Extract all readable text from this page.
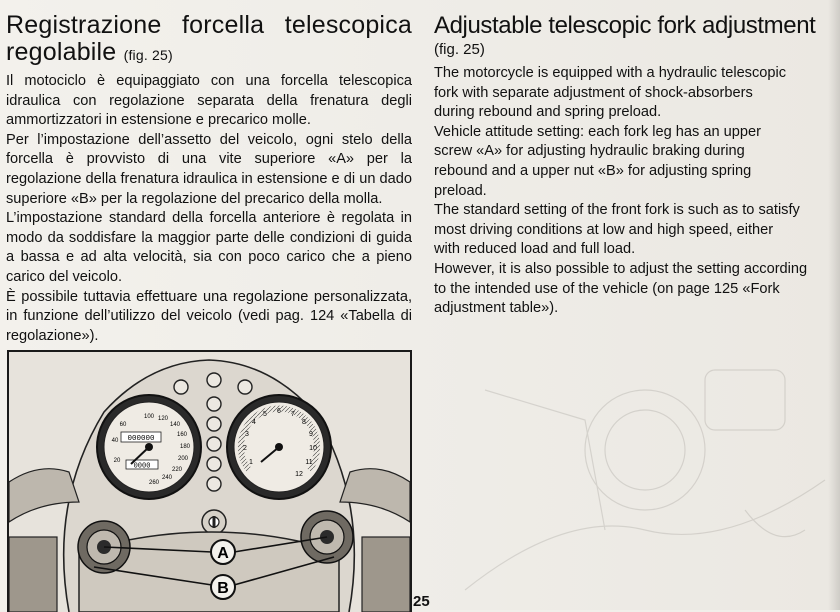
Registrazione forcella telescopica regolabile (fig. 25)

Il motociclo è equipaggiato con una forcella telescopica idraulica con regolazione separata della frenatura degli ammortizzatori in estensione e precarico molle.

Per l’impostazione dell’assetto del veicolo, ogni stelo della forcella è provvisto di una vite superiore «A» per la regolazione della frenatura idraulica in estensione e di un dado superiore «B» per la regolazione del precarico della molla.

L’impostazione standard della forcella anteriore è regolata in modo da soddisfare la maggior parte delle condizioni di guida a bassa e ad alta velocità, sia con poco carico che a pieno carico del veicolo.

È possibile tuttavia effettuare una regolazione personalizzata, in funzione dell’utilizzo del veicolo (vedi pag. 124 «Tabella di regolazione»).

Adjustable telescopic fork adjustment
(fig. 25)

The motorcycle is equipped with a hydraulic telescopic

fork with separate adjustment of shock-absorbers

during rebound and spring preload.

Vehicle attitude setting: each fork leg has an upper

screw «A» for adjusting hydraulic braking during

rebound and a upper nut «B» for adjusting spring

preload.

The standard setting of the front fork is such as to satisfy

most driving conditions at low and high speed, either

with reduced load and full load.

However, it is also possible to adjust the setting according

to the intended use of the vehicle (on page 125 «Fork

adjustment table»).

100 120
140
160
180
200
220
240
260
20
40
60
000000
0000	1
2
3
4
5 6 7
8
9
10
11
12
A
B
25
